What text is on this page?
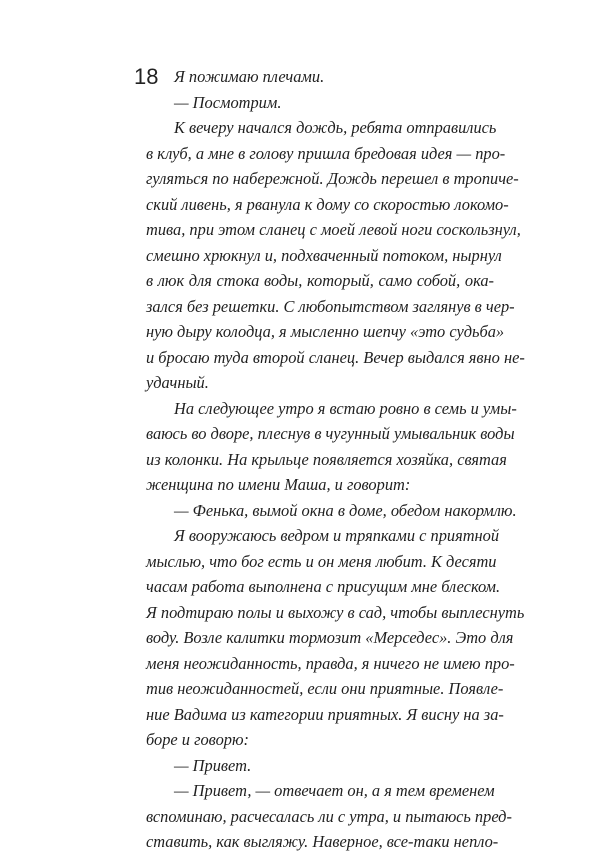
18 Я пожимаю плечами.
— Посмотрим.
К вечеру начался дождь, ребята отправились
в клуб, а мне в голову пришла бредовая идея — про-
гуляться по набережной. Дождь перешел в тропиче-
ский ливень, я рванула к дому со скоростью локомо-
тива, при этом сланец с моей левой ноги соскользнул,
смешно хрюкнул и, подхваченный потоком, нырнул
в люк для стока воды, который, само собой, ока-
зался без решетки. С любопытством заглянув в чер-
ную дыру колодца, я мысленно шепчу «это судьба»
и бросаю туда второй сланец. Вечер выдался явно не-
удачный.
На следующее утро я встаю ровно в семь и умы-
ваюсь во дворе, плеснув в чугунный умывальник воды
из колонки. На крыльце появляется хозяйка, святая
женщина по имени Маша, и говорит:
— Фенька, вымой окна в доме, обедом накормлю.
Я вооружаюсь ведром и тряпками с приятной
мыслью, что бог есть и он меня любит. К десяти
часам работа выполнена с присущим мне блеском.
Я подтираю полы и выхожу в сад, чтобы выплеснуть
воду. Возле калитки тормозит «Мерседес». Это для
меня неожиданность, правда, я ничего не имею про-
тив неожиданностей, если они приятные. Появле-
ние Вадима из категории приятных. Я висну на за-
боре и говорю:
— Привет.
— Привет, — отвечает он, а я тем временем
вспоминаю, расчесалась ли с утра, и пытаюсь пред-
ставить, как выгляжу. Наверное, все-таки непло-
